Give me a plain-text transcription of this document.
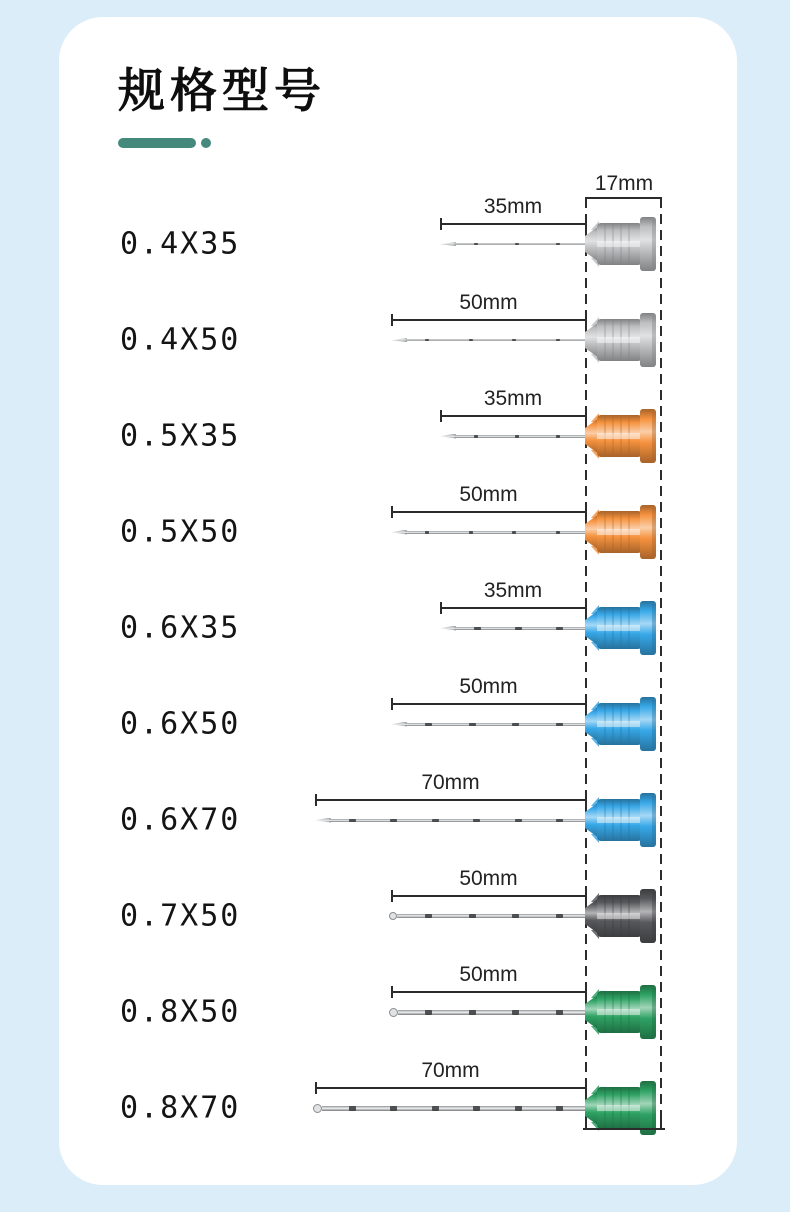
规格型号
17mm
0.4X35
35mm
0.4X50
50mm
0.5X35
35mm
0.5X50
50mm
0.6X35
35mm
0.6X50
50mm
0.6X70
70mm
0.7X50
50mm
0.8X50
50mm
0.8X70
70mm
